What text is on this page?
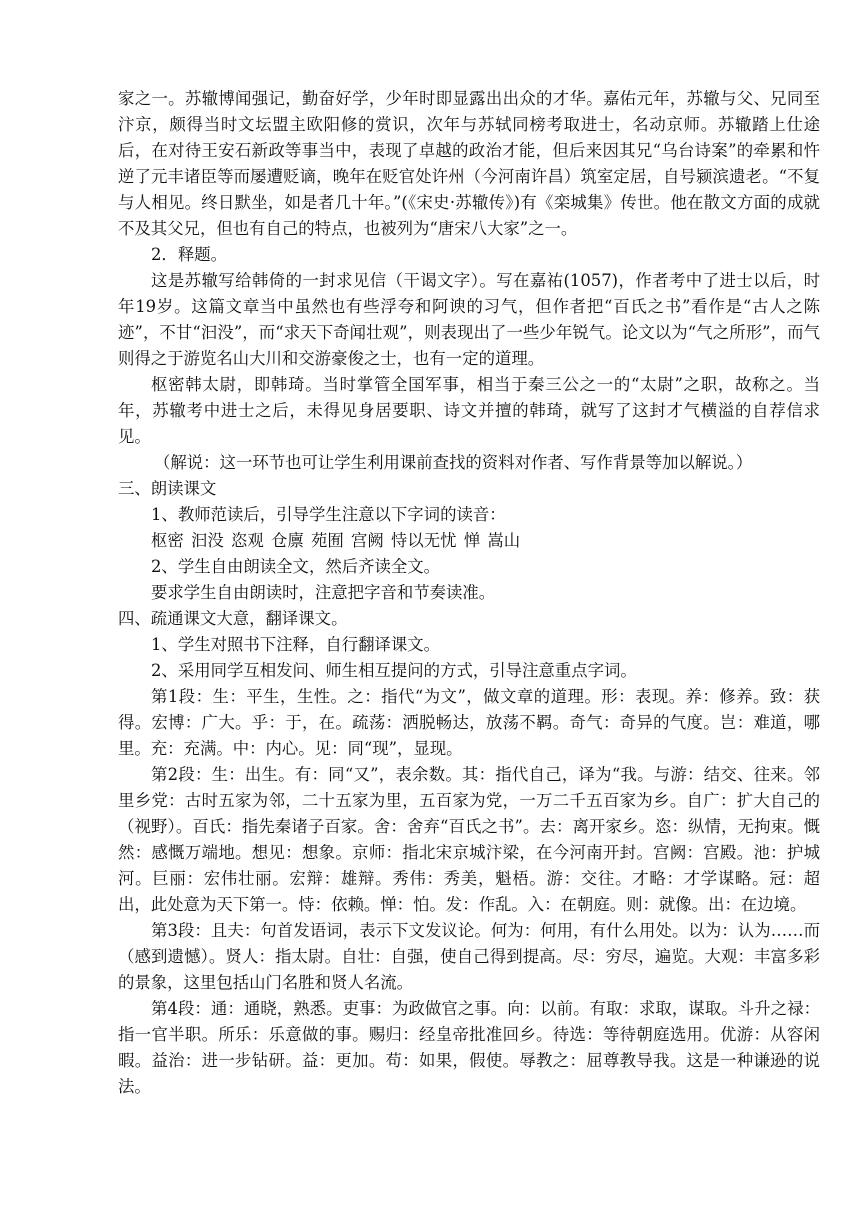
家之一。苏辙博闻强记，勤奋好学，少年时即显露出出众的才华。嘉佑元年，苏辙与父、兄同至汴京，颇得当时文坛盟主欧阳修的赏识，次年与苏轼同榜考取进士，名动京师。苏辙踏上仕途后，在对待王安石新政等事当中，表现了卓越的政治才能，但后来因其兄“乌台诗案”的牵累和忤逆了元丰诸臣等而屡遭贬谪，晚年在贬官处许州（今河南许昌）筑室定居，自号颍滨遗老。“不复与人相见。终日默坐，如是者几十年。”(《宋史·苏辙传》)有《栾城集》传世。他在散文方面的成就不及其父兄，但也有自己的特点，也被列为“唐宋八大家”之一。

2．释题。

这是苏辙写给韩倚的一封求见信（干谒文字）。写在嘉祐(1057)，作者考中了进士以后，时年19岁。这篇文章当中虽然也有些浮夸和阿谀的习气，但作者把“百氏之书”看作是“古人之陈迹”，不甘“汩没”，而“求天下奇闻壮观”，则表现出了一些少年锐气。论文以为“气之所形”，而气则得之于游览名山大川和交游豪俊之士，也有一定的道理。

枢密韩太尉，即韩琦。当时掌管全国军事，相当于秦三公之一的“太尉”之职，故称之。当年，苏辙考中进士之后，未得见身居要职、诗文并擅的韩琦，就写了这封才气横溢的自荐信求见。

（解说：这一环节也可让学生利用课前查找的资料对作者、写作背景等加以解说。）

三、朗读课文

1、教师范读后，引导学生注意以下字词的读音：

枢密 汩没 恣观 仓廪 苑囿 宫阙 恃以无忧 惮 嵩山

2、学生自由朗读全文，然后齐读全文。

要求学生自由朗读时，注意把字音和节奏读准。

四、疏通课文大意，翻译课文。

1、学生对照书下注释，自行翻译课文。

2、采用同学互相发问、师生相互提问的方式，引导注意重点字词。

第1段：生：平生，生性。之：指代“为文”，做文章的道理。形：表现。养：修养。致：获得。宏博：广大。乎：于，在。疏荡：洒脱畅达，放荡不羁。奇气：奇异的气度。岂：难道，哪里。充：充满。中：内心。见：同“现”，显现。

第2段：生：出生。有：同“又”，表余数。其：指代自己，译为“我。与游：结交、往来。邻里乡党：古时五家为邻，二十五家为里，五百家为党，一万二千五百家为乡。自广：扩大自己的（视野）。百氏：指先秦诸子百家。舍：舍弃“百氏之书”。去：离开家乡。恣：纵情，无拘束。慨然：感慨万端地。想见：想象。京师：指北宋京城汴梁，在今河南开封。宫阙：宫殿。池：护城河。巨丽：宏伟壮丽。宏辩：雄辩。秀伟：秀美，魁梧。游：交往。才略：才学谋略。冠：超出，此处意为天下第一。恃：依赖。惮：怕。发：作乱。入：在朝庭。则：就像。出：在边境。

第3段：且夫：句首发语词，表示下文发议论。何为：何用，有什么用处。以为：认为……而（感到遗憾）。贤人：指太尉。自壮：自强，使自己得到提高。尽：穷尽，遍览。大观：丰富多彩的景象，这里包括山门名胜和贤人名流。

第4段：通：通晓，熟悉。吏事：为政做官之事。向：以前。有取：求取，谋取。斗升之禄：指一官半职。所乐：乐意做的事。赐归：经皇帝批准回乡。待选：等待朝庭选用。优游：从容闲暇。益治：进一步钻研。益：更加。苟：如果，假使。辱教之：屈尊教导我。这是一种谦逊的说法。
